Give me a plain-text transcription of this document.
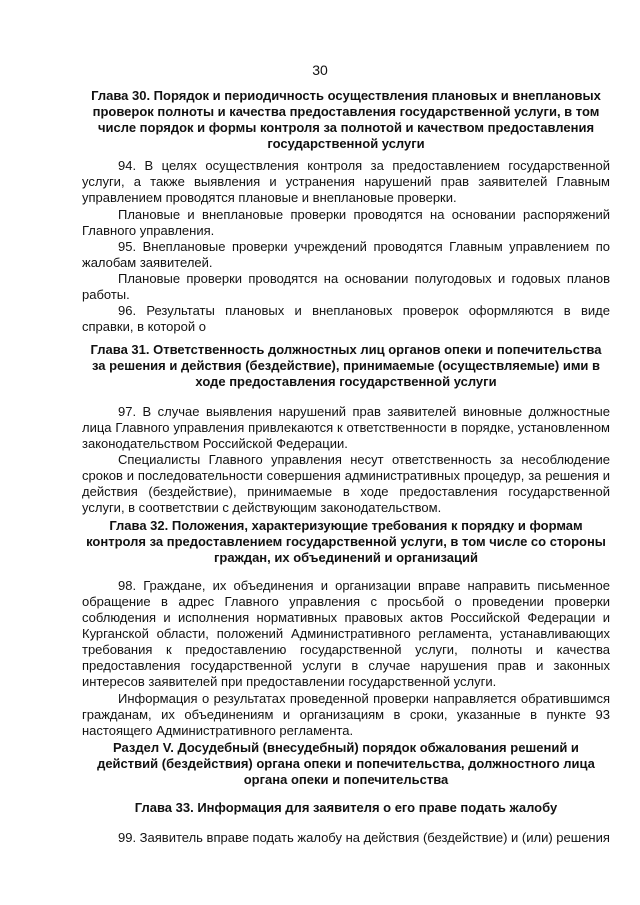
30
Глава 30. Порядок и периодичность осуществления плановых и внеплановых проверок полноты и качества предоставления государственной услуги, в том числе порядок и формы контроля за полнотой и качеством предоставления государственной услуги
94. В целях осуществления контроля за предоставлением государственной услуги, а также выявления и устранения нарушений прав заявителей Главным управлением проводятся плановые и внеплановые проверки.
Плановые и внеплановые проверки проводятся на основании распоряжений Главного управления.
95. Внеплановые проверки учреждений проводятся Главным управлением по жалобам заявителей.
Плановые проверки проводятся на основании полугодовых и годовых планов работы.
96. Результаты плановых и внеплановых проверок оформляются в виде справки, в которой о
Глава 31. Ответственность должностных лиц органов опеки и попечительства за решения и действия (бездействие), принимаемые (осуществляемые) ими в ходе предоставления государственной услуги
97. В случае выявления нарушений прав заявителей виновные должностные лица Главного управления привлекаются к ответственности в порядке, установленном законодательством Российской Федерации.
Специалисты Главного управления несут ответственность за несоблюдение сроков и последовательности совершения административных процедур, за решения и действия (бездействие), принимаемые в ходе предоставления государственной услуги, в соответствии с действующим законодательством.
Глава 32. Положения, характеризующие требования к порядку и формам контроля за предоставлением государственной услуги, в том числе со стороны граждан, их объединений и организаций
98. Граждане, их объединения и организации вправе направить письменное обращение в адрес Главного управления с просьбой о проведении проверки соблюдения и исполнения нормативных правовых актов Российской Федерации и Курганской области, положений Административного регламента, устанавливающих требования к предоставлению государственной услуги, полноты и качества предоставления государственной услуги в случае нарушения прав и законных интересов заявителей при предоставлении государственной услуги.
Информация о результатах проведенной проверки направляется обратившимся гражданам, их объединениям и организациям в сроки, указанные в пункте 93 настоящего Административного регламента.
Раздел V. Досудебный (внесудебный) порядок обжалования решений и действий (бездействия) органа опеки и попечительства, должностного лица органа опеки и попечительства
Глава 33. Информация для заявителя о его праве подать жалобу
99. Заявитель вправе подать жалобу на действия (бездействие) и (или) решения
